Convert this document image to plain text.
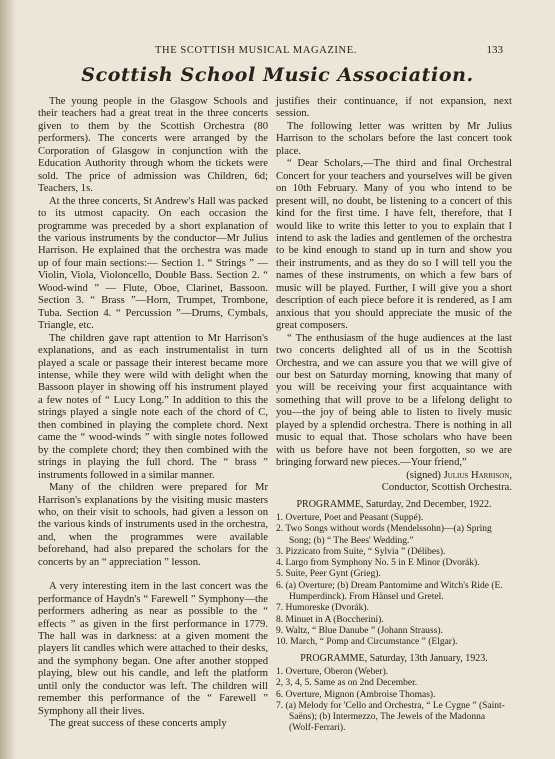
THE SCOTTISH MUSICAL MAGAZINE.	133
Scottish School Music Association.

The young people in the Glasgow Schools and their teachers had a great treat in the three concerts given to them by the Scottish Orchestra (80 performers). The concerts were arranged by the Corporation of Glasgow in conjunction with the Education Authority through whom the tickets were sold. The price of admission was Children, 6d; Teachers, 1s.

At the three concerts, St Andrew's Hall was packed to its utmost capacity. On each occasion the programme was preceded by a short explanation of the various instruments by the conductor—Mr Julius Harrison. He explained that the orchestra was made up of four main sections:— Section 1. “ Strings ” — Violin, Viola, Violoncello, Double Bass. Section 2. “ Wood-wind ” — Flute, Oboe, Clarinet, Bassoon. Section 3. “ Brass ”—Horn, Trumpet, Trombone, Tuba. Section 4. “ Percussion ”—Drums, Cymbals, Triangle, etc.

The children gave rapt attention to Mr Harrison's explanations, and as each instrumentalist in turn played a scale or passage their interest became more intense, while they were wild with delight when the Bassoon player in showing off his instrument played a few notes of “ Lucy Long.” In addition to this the strings played a single note each of the chord of C, then combined in playing the complete chord. Next came the “ wood-winds ” with single notes followed by the complete chord; they then combined with the strings in playing the full chord. The “ brass ” instruments followed in a similar manner.

Many of the children were prepared for Mr Harrison's explanations by the visiting music masters who, on their visit to schools, had given a lesson on the various kinds of instruments used in the orchestra, and, when the programmes were available beforehand, had also prepared the scholars for the concerts by an “ appreciation ” lesson.

A very interesting item in the last concert was the performance of Haydn's “ Farewell ” Symphony—the performers adhering as near as possible to the “ effects ” as given in the first performance in 1779. The hall was in darkness: at a given moment the players lit candles which were attached to their desks, and the symphony began. One after another stopped playing, blew out his candle, and left the platform until only the conductor was left. The children will remember this performance of the “ Farewell ” Symphony all their lives.

The great success of these concerts amply

justifies their continuance, if not expansion, next session.

The following letter was written by Mr Julius Harrison to the scholars before the last concert took place.

“ Dear Scholars,—The third and final Orchestral Concert for your teachers and yourselves will be given on 10th February. Many of you who intend to be present will, no doubt, be listening to a concert of this kind for the first time. I have felt, therefore, that I would like to write this letter to you to explain that I intend to ask the ladies and gentlemen of the orchestra to be kind enough to stand up in turn and show you their instruments, and as they do so I will tell you the names of these instruments, on which a few bars of music will be played. Further, I will give you a short description of each piece before it is rendered, as I am anxious that you should appreciate the music of the great composers.

“ The enthusiasm of the huge audiences at the last two concerts delighted all of us in the Scottish Orchestra, and we can assure you that we will give of our best on Saturday morning, knowing that many of you will be receiving your first acquaintance with something that will prove to be a lifelong delight to you—the joy of being able to listen to lively music played by a splendid orchestra. There is nothing in all music to equal that. Those scholars who have been with us before have not been forgotten, so we are bringing forward new pieces.—Your friend,”

(signed) Julius Harrison,

Conductor, Scottish Orchestra.

PROGRAMME, Saturday, 2nd December, 1922.
1. Overture, Poet and Peasant (Suppé).
2. Two Songs without words (Mendelssohn)—(a) Spring Song; (b) “ The Bees' Wedding.”
3. Pizzicato from Suite, “ Sylvia ” (Délibes).
4. Largo from Symphony No. 5 in E Minor (Dvorák).
5. Suite, Peer Gynt (Grieg).
6. (a) Overture; (b) Dream Pantomime and Witch's Ride (E. Humperdinck). From Hänsel und Gretel.
7. Humoreske (Dvorák).
8. Minuet in A (Boccherini).
9. Waltz, “ Blue Danube ” (Johann Strauss).
10. March, “ Pomp and Circumstance ” (Elgar).
PROGRAMME, Saturday, 13th January, 1923.
1. Overture, Oberon (Weber).
2, 3, 4, 5. Same as on 2nd December.
6. Overture, Mignon (Ambroise Thomas).
7. (a) Melody for 'Cello and Orchestra, “ Le Cygne ” (Saint-Saëns); (b) Intermezzo, The Jewels of the Madonna (Wolf-Ferrari).
